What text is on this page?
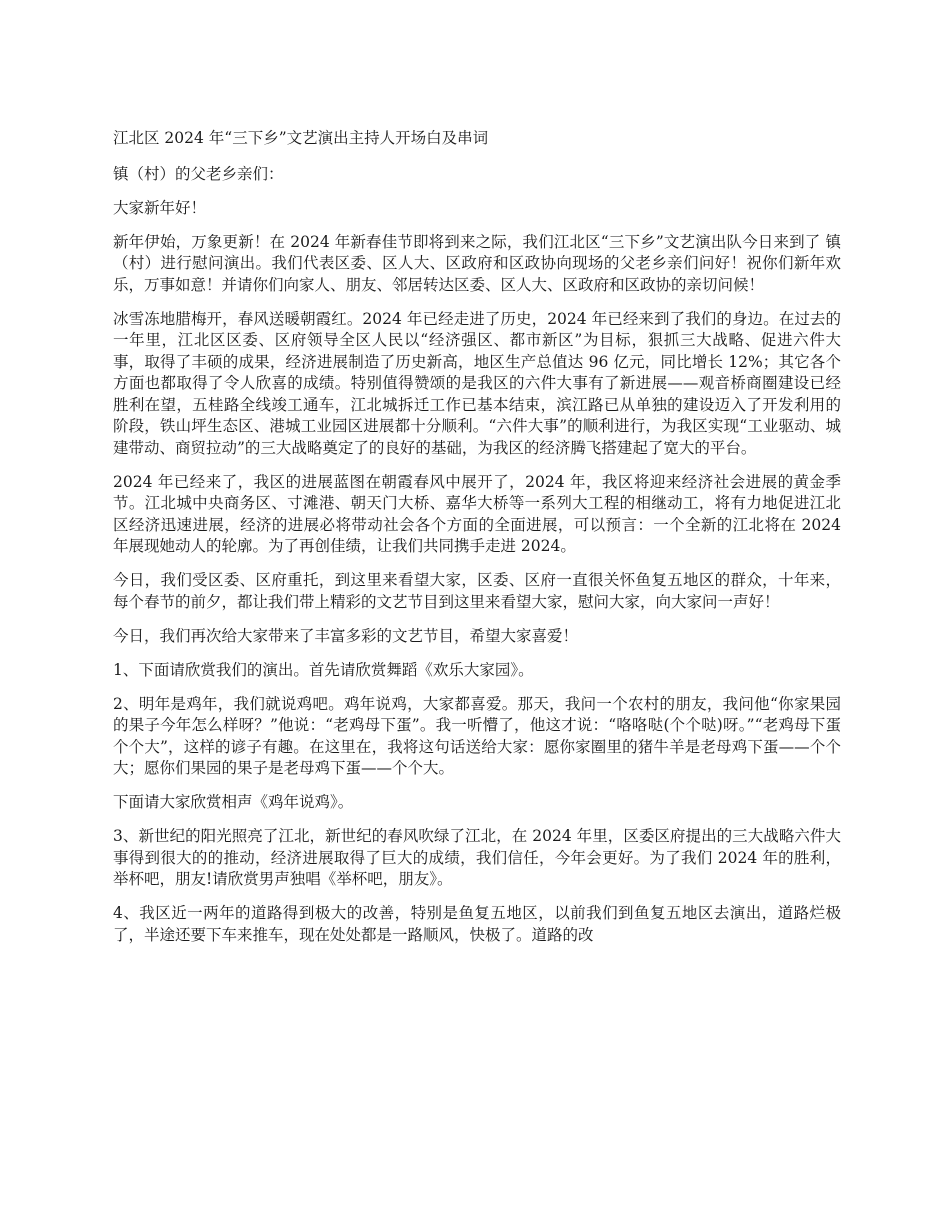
江北区 2024 年“三下乡”文艺演出主持人开场白及串词

镇（村）的父老乡亲们：

大家新年好！

新年伊始，万象更新！在 2024 年新春佳节即将到来之际，我们江北区“三下乡”文艺演出队今日来到了 镇（村）进行慰问演出。我们代表区委、区人大、区政府和区政协向现场的父老乡亲们问好！祝你们新年欢乐，万事如意！并请你们向家人、朋友、邻居转达区委、区人大、区政府和区政协的亲切问候！

冰雪冻地腊梅开，春风送暖朝霞红。2024 年已经走进了历史，2024 年已经来到了我们的身边。在过去的一年里，江北区区委、区府领导全区人民以“经济强区、都市新区”为目标，狠抓三大战略、促进六件大事，取得了丰硕的成果，经济进展制造了历史新高，地区生产总值达 96 亿元，同比增长 12%；其它各个方面也都取得了令人欣喜的成绩。特别值得赞颂的是我区的六件大事有了新进展——观音桥商圈建设已经胜利在望，五桂路全线竣工通车，江北城拆迁工作已基本结束，滨江路已从单独的建设迈入了开发利用的阶段，铁山坪生态区、港城工业园区进展都十分顺利。“六件大事”的顺利进行，为我区实现“工业驱动、城建带动、商贸拉动”的三大战略奠定了的良好的基础，为我区的经济腾飞搭建起了宽大的平台。

2024 年已经来了，我区的进展蓝图在朝霞春风中展开了，2024 年，我区将迎来经济社会进展的黄金季节。江北城中央商务区、寸滩港、朝天门大桥、嘉华大桥等一系列大工程的相继动工，将有力地促进江北区经济迅速进展，经济的进展必将带动社会各个方面的全面进展，可以预言：一个全新的江北将在 2024 年展现她动人的轮廓。为了再创佳绩，让我们共同携手走进 2024。

今日，我们受区委、区府重托，到这里来看望大家，区委、区府一直很关怀鱼复五地区的群众，十年来，每个春节的前夕，都让我们带上精彩的文艺节目到这里来看望大家，慰问大家，向大家问一声好！

今日，我们再次给大家带来了丰富多彩的文艺节目，希望大家喜爱！

1、下面请欣赏我们的演出。首先请欣赏舞蹈《欢乐大家园》。

2、明年是鸡年，我们就说鸡吧。鸡年说鸡，大家都喜爱。那天，我问一个农村的朋友，我问他“你家果园的果子今年怎么样呀？”他说：“老鸡母下蛋”。我一听懵了，他这才说：“咯咯哒(个个哒)呀。”“老鸡母下蛋个个大”，这样的谚子有趣。在这里在，我将这句话送给大家：愿你家圈里的猪牛羊是老母鸡下蛋——个个大；愿你们果园的果子是老母鸡下蛋——个个大。

下面请大家欣赏相声《鸡年说鸡》。

3、新世纪的阳光照亮了江北，新世纪的春风吹绿了江北，在 2024 年里，区委区府提出的三大战略六件大事得到很大的的推动，经济进展取得了巨大的成绩，我们信任，今年会更好。为了我们 2024 年的胜利，举杯吧，朋友!请欣赏男声独唱《举杯吧，朋友》。

4、我区近一两年的道路得到极大的改善，特别是鱼复五地区，以前我们到鱼复五地区去演出，道路烂极了，半途还要下车来推车，现在处处都是一路顺风，快极了。道路的改
